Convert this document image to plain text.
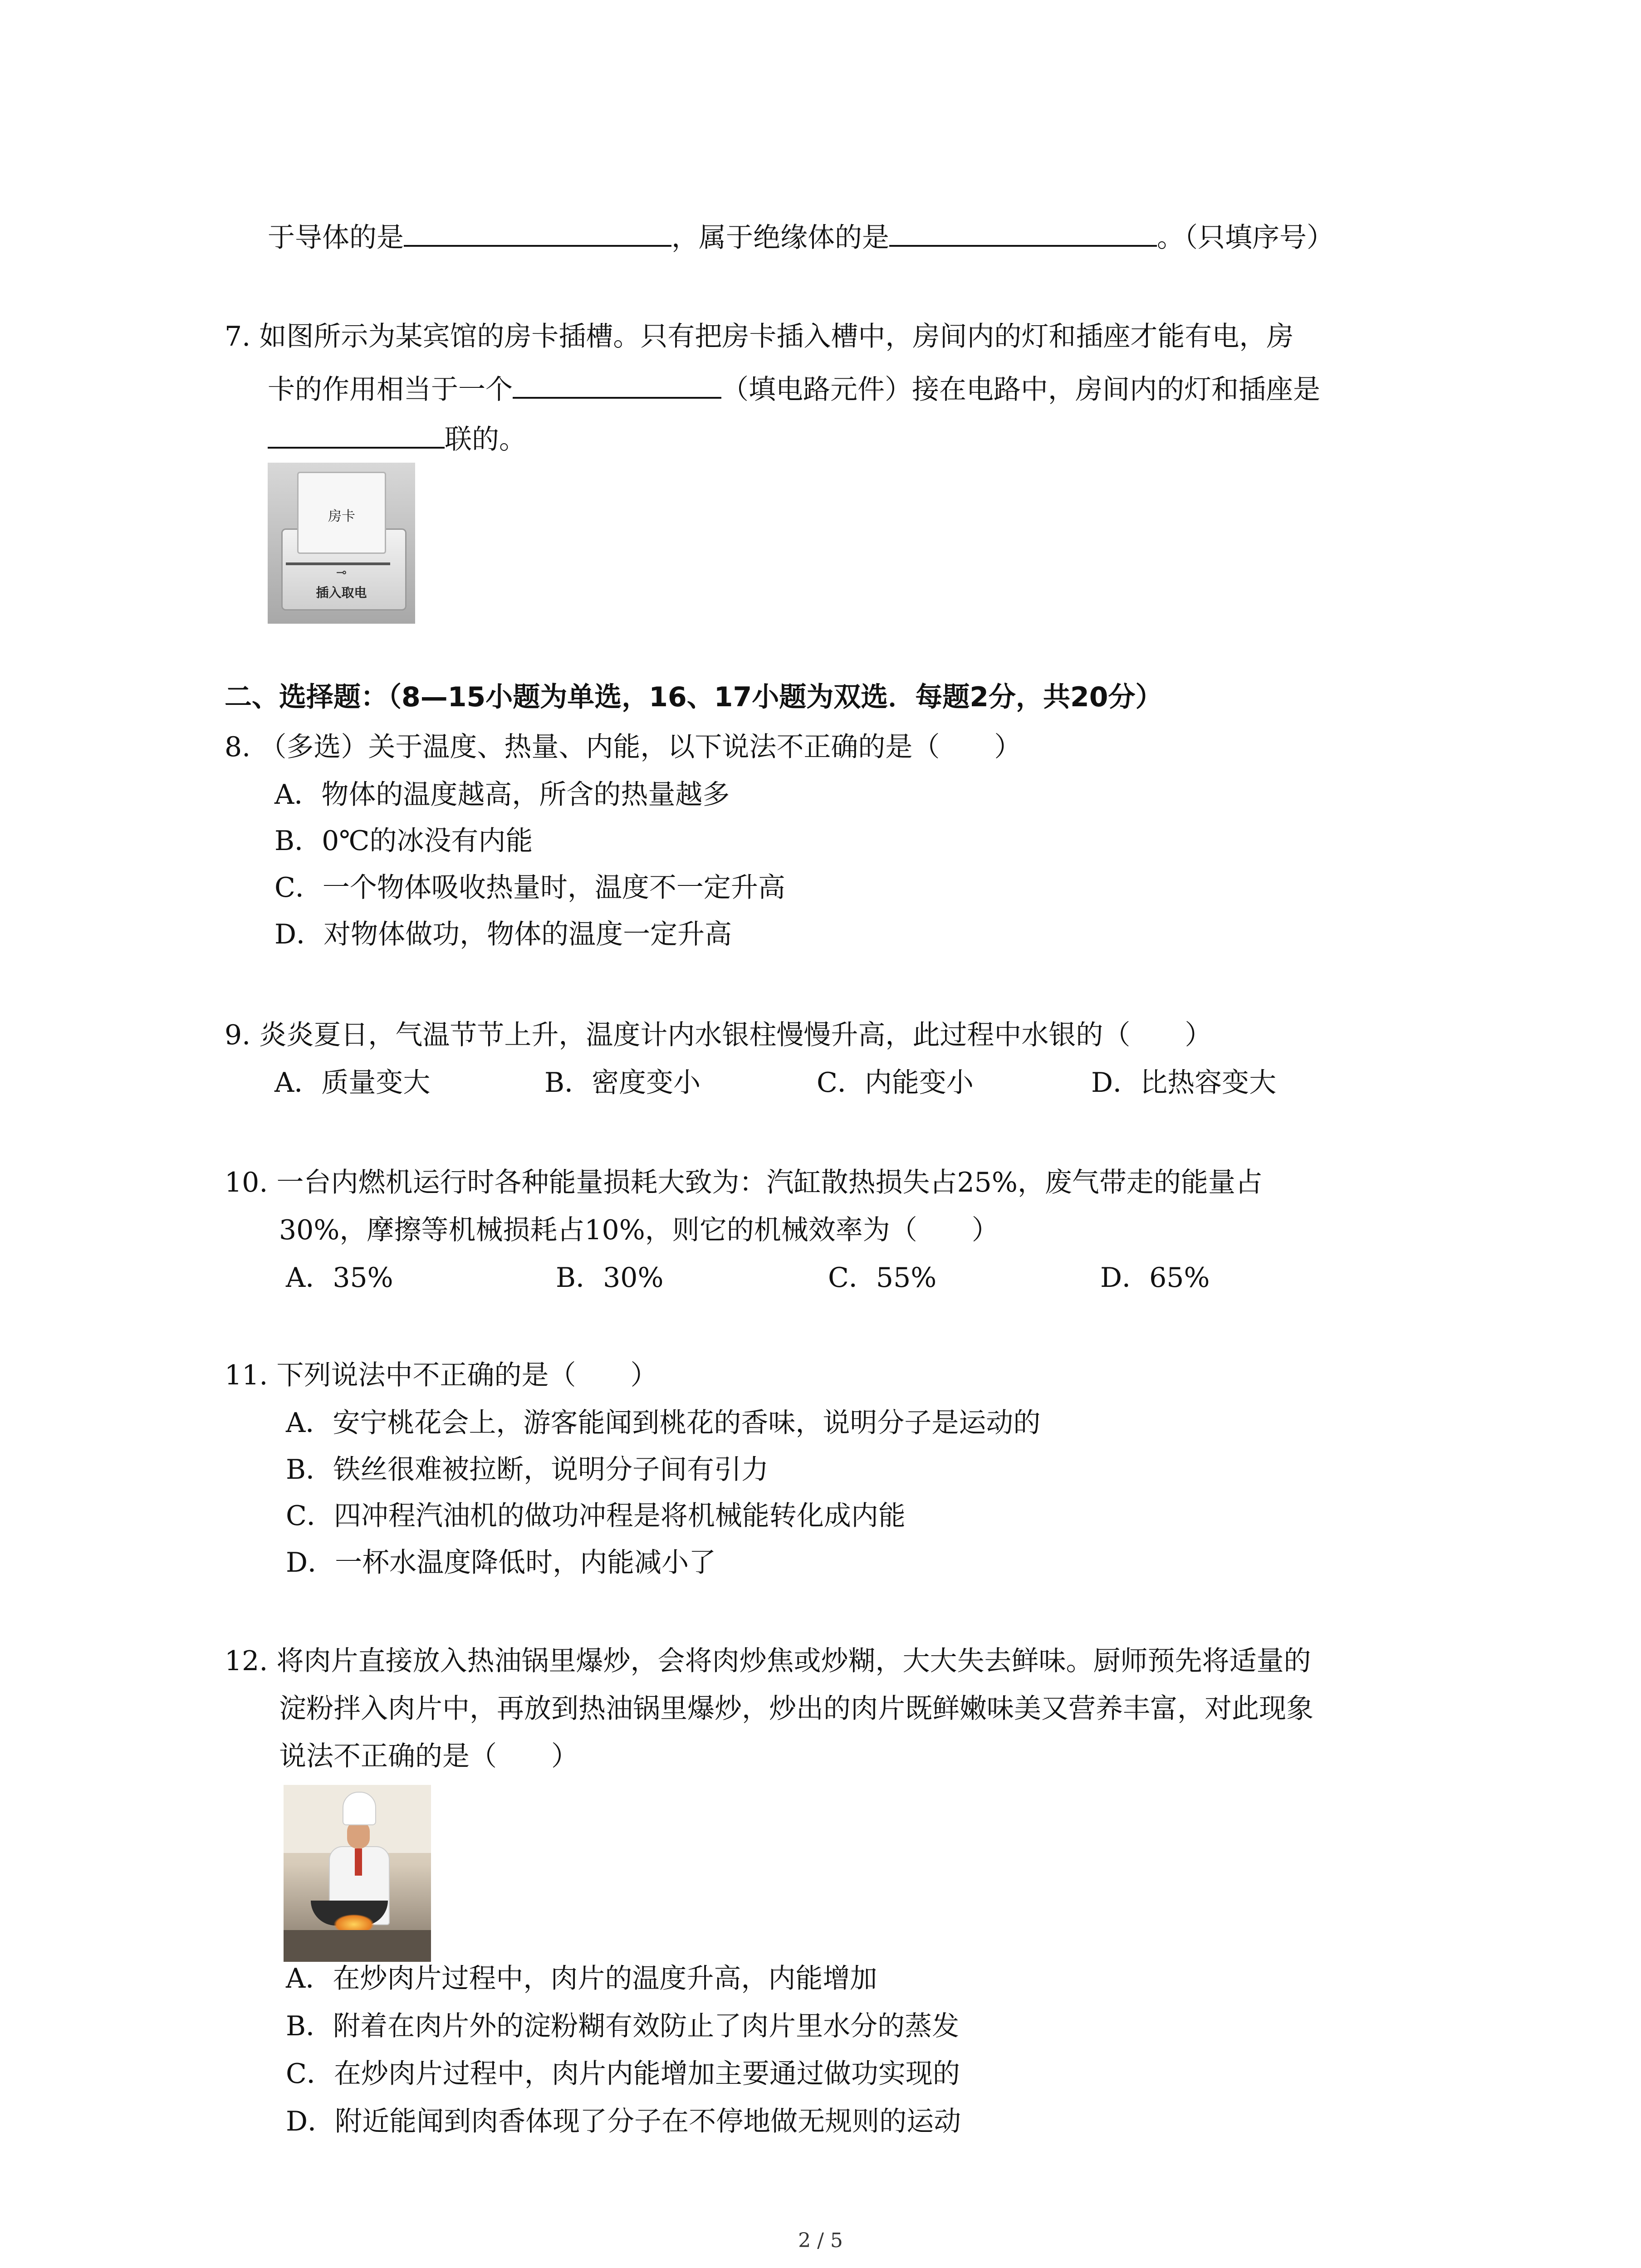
于导体的是	，属于绝缘体的是	。（只填序号）
7. 如图所示为某宾馆的房卡插槽。只有把房卡插入槽中，房间内的灯和插座才能有电，房
卡的作用相当于一个	（填电路元件）接在电路中，房间内的灯和插座是
联的。
房卡
⊸
插入取电
二、选择题：（8—15小题为单选，16、17小题为双选．每题2分，共20分）
8. （多选）关于温度、热量、内能，以下说法不正确的是（　　）
A．物体的温度越高，所含的热量越多
B．0℃的冰没有内能
C．一个物体吸收热量时，温度不一定升高
D．对物体做功，物体的温度一定升高
9. 炎炎夏日，气温节节上升，温度计内水银柱慢慢升高，此过程中水银的（　　）
A．质量变大	B．密度变小	C．内能变小	D．比热容变大
10. 一台内燃机运行时各种能量损耗大致为：汽缸散热损失占25%，废气带走的能量占
30%，摩擦等机械损耗占10%，则它的机械效率为（　　）
A．35%	B．30%	C．55%	D．65%
11. 下列说法中不正确的是（　　）
A．安宁桃花会上，游客能闻到桃花的香味，说明分子是运动的
B．铁丝很难被拉断，说明分子间有引力
C．四冲程汽油机的做功冲程是将机械能转化成内能
D．一杯水温度降低时，内能减小了
12. 将肉片直接放入热油锅里爆炒，会将肉炒焦或炒糊，大大失去鲜味。厨师预先将适量的
淀粉拌入肉片中，再放到热油锅里爆炒，炒出的肉片既鲜嫩味美又营养丰富，对此现象
说法不正确的是（　　）
A．在炒肉片过程中，肉片的温度升高，内能增加
B．附着在肉片外的淀粉糊有效防止了肉片里水分的蒸发
C．在炒肉片过程中，肉片内能增加主要通过做功实现的
D．附近能闻到肉香体现了分子在不停地做无规则的运动
2 / 5
